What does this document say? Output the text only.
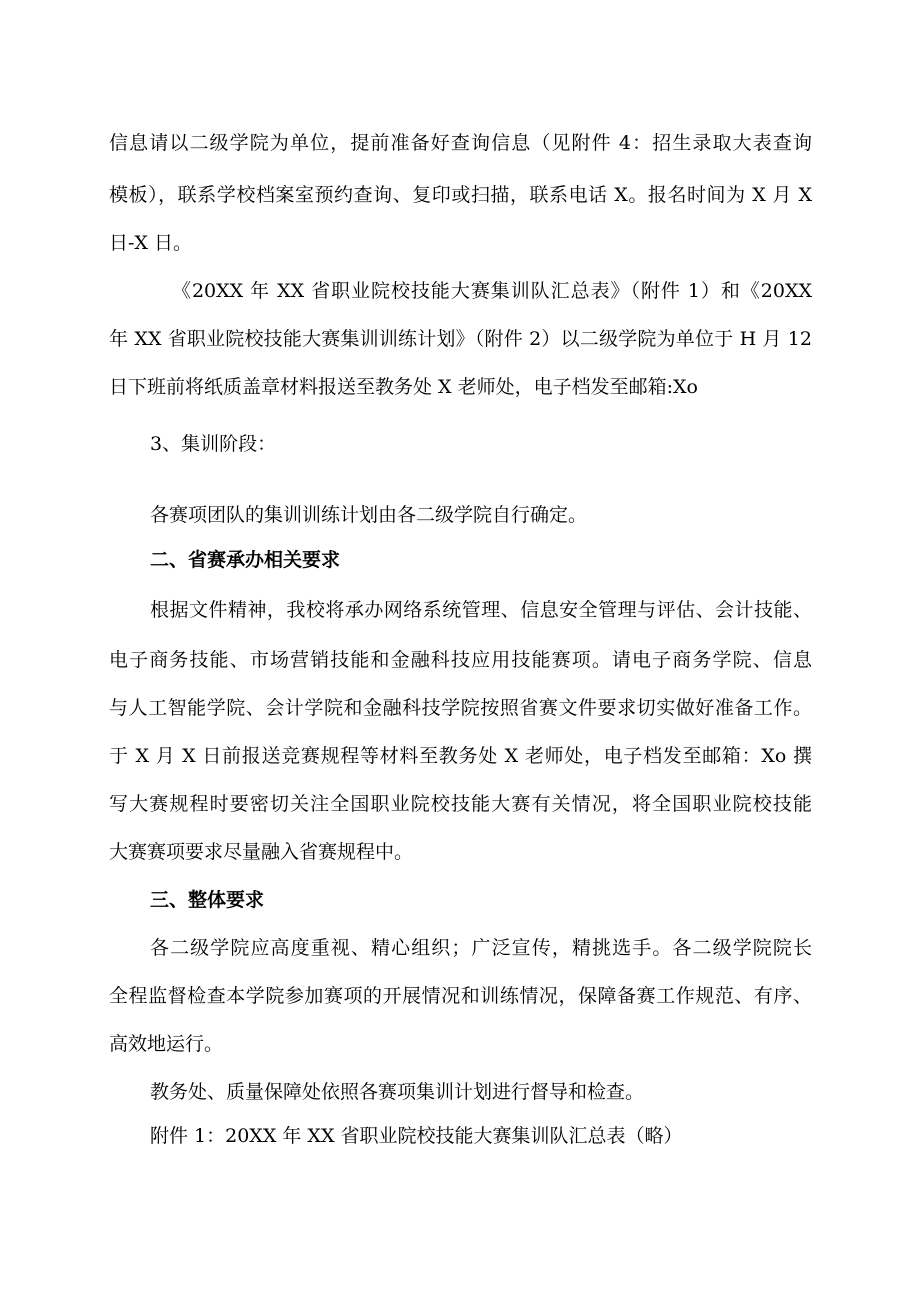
信息请以二级学院为单位，提前准备好查询信息（见附件 4：招生录取大表查询
模板），联系学校档案室预约查询、复印或扫描，联系电话 X。报名时间为 X 月 X
日-X 日。
《20XX 年 XX 省职业院校技能大赛集训队汇总表》（附件 1）和《20XX
年 XX 省职业院校技能大赛集训训练计划》（附件 2）以二级学院为单位于 H 月 12
日下班前将纸质盖章材料报送至教务处 X 老师处，电子档发至邮箱:Xo
3、集训阶段：
各赛项团队的集训训练计划由各二级学院自行确定。
二、省赛承办相关要求
根据文件精神，我校将承办网络系统管理、信息安全管理与评估、会计技能、
电子商务技能、市场营销技能和金融科技应用技能赛项。请电子商务学院、信息
与人工智能学院、会计学院和金融科技学院按照省赛文件要求切实做好准备工作。
于 X 月 X 日前报送竞赛规程等材料至教务处 X 老师处，电子档发至邮箱：Xo 撰
写大赛规程时要密切关注全国职业院校技能大赛有关情况，将全国职业院校技能
大赛赛项要求尽量融入省赛规程中。
三、整体要求
各二级学院应高度重视、精心组织；广泛宣传，精挑选手。各二级学院院长
全程监督检查本学院参加赛项的开展情况和训练情况，保障备赛工作规范、有序、
高效地运行。
教务处、质量保障处依照各赛项集训计划进行督导和检查。
附件 1：20XX 年 XX 省职业院校技能大赛集训队汇总表（略）
